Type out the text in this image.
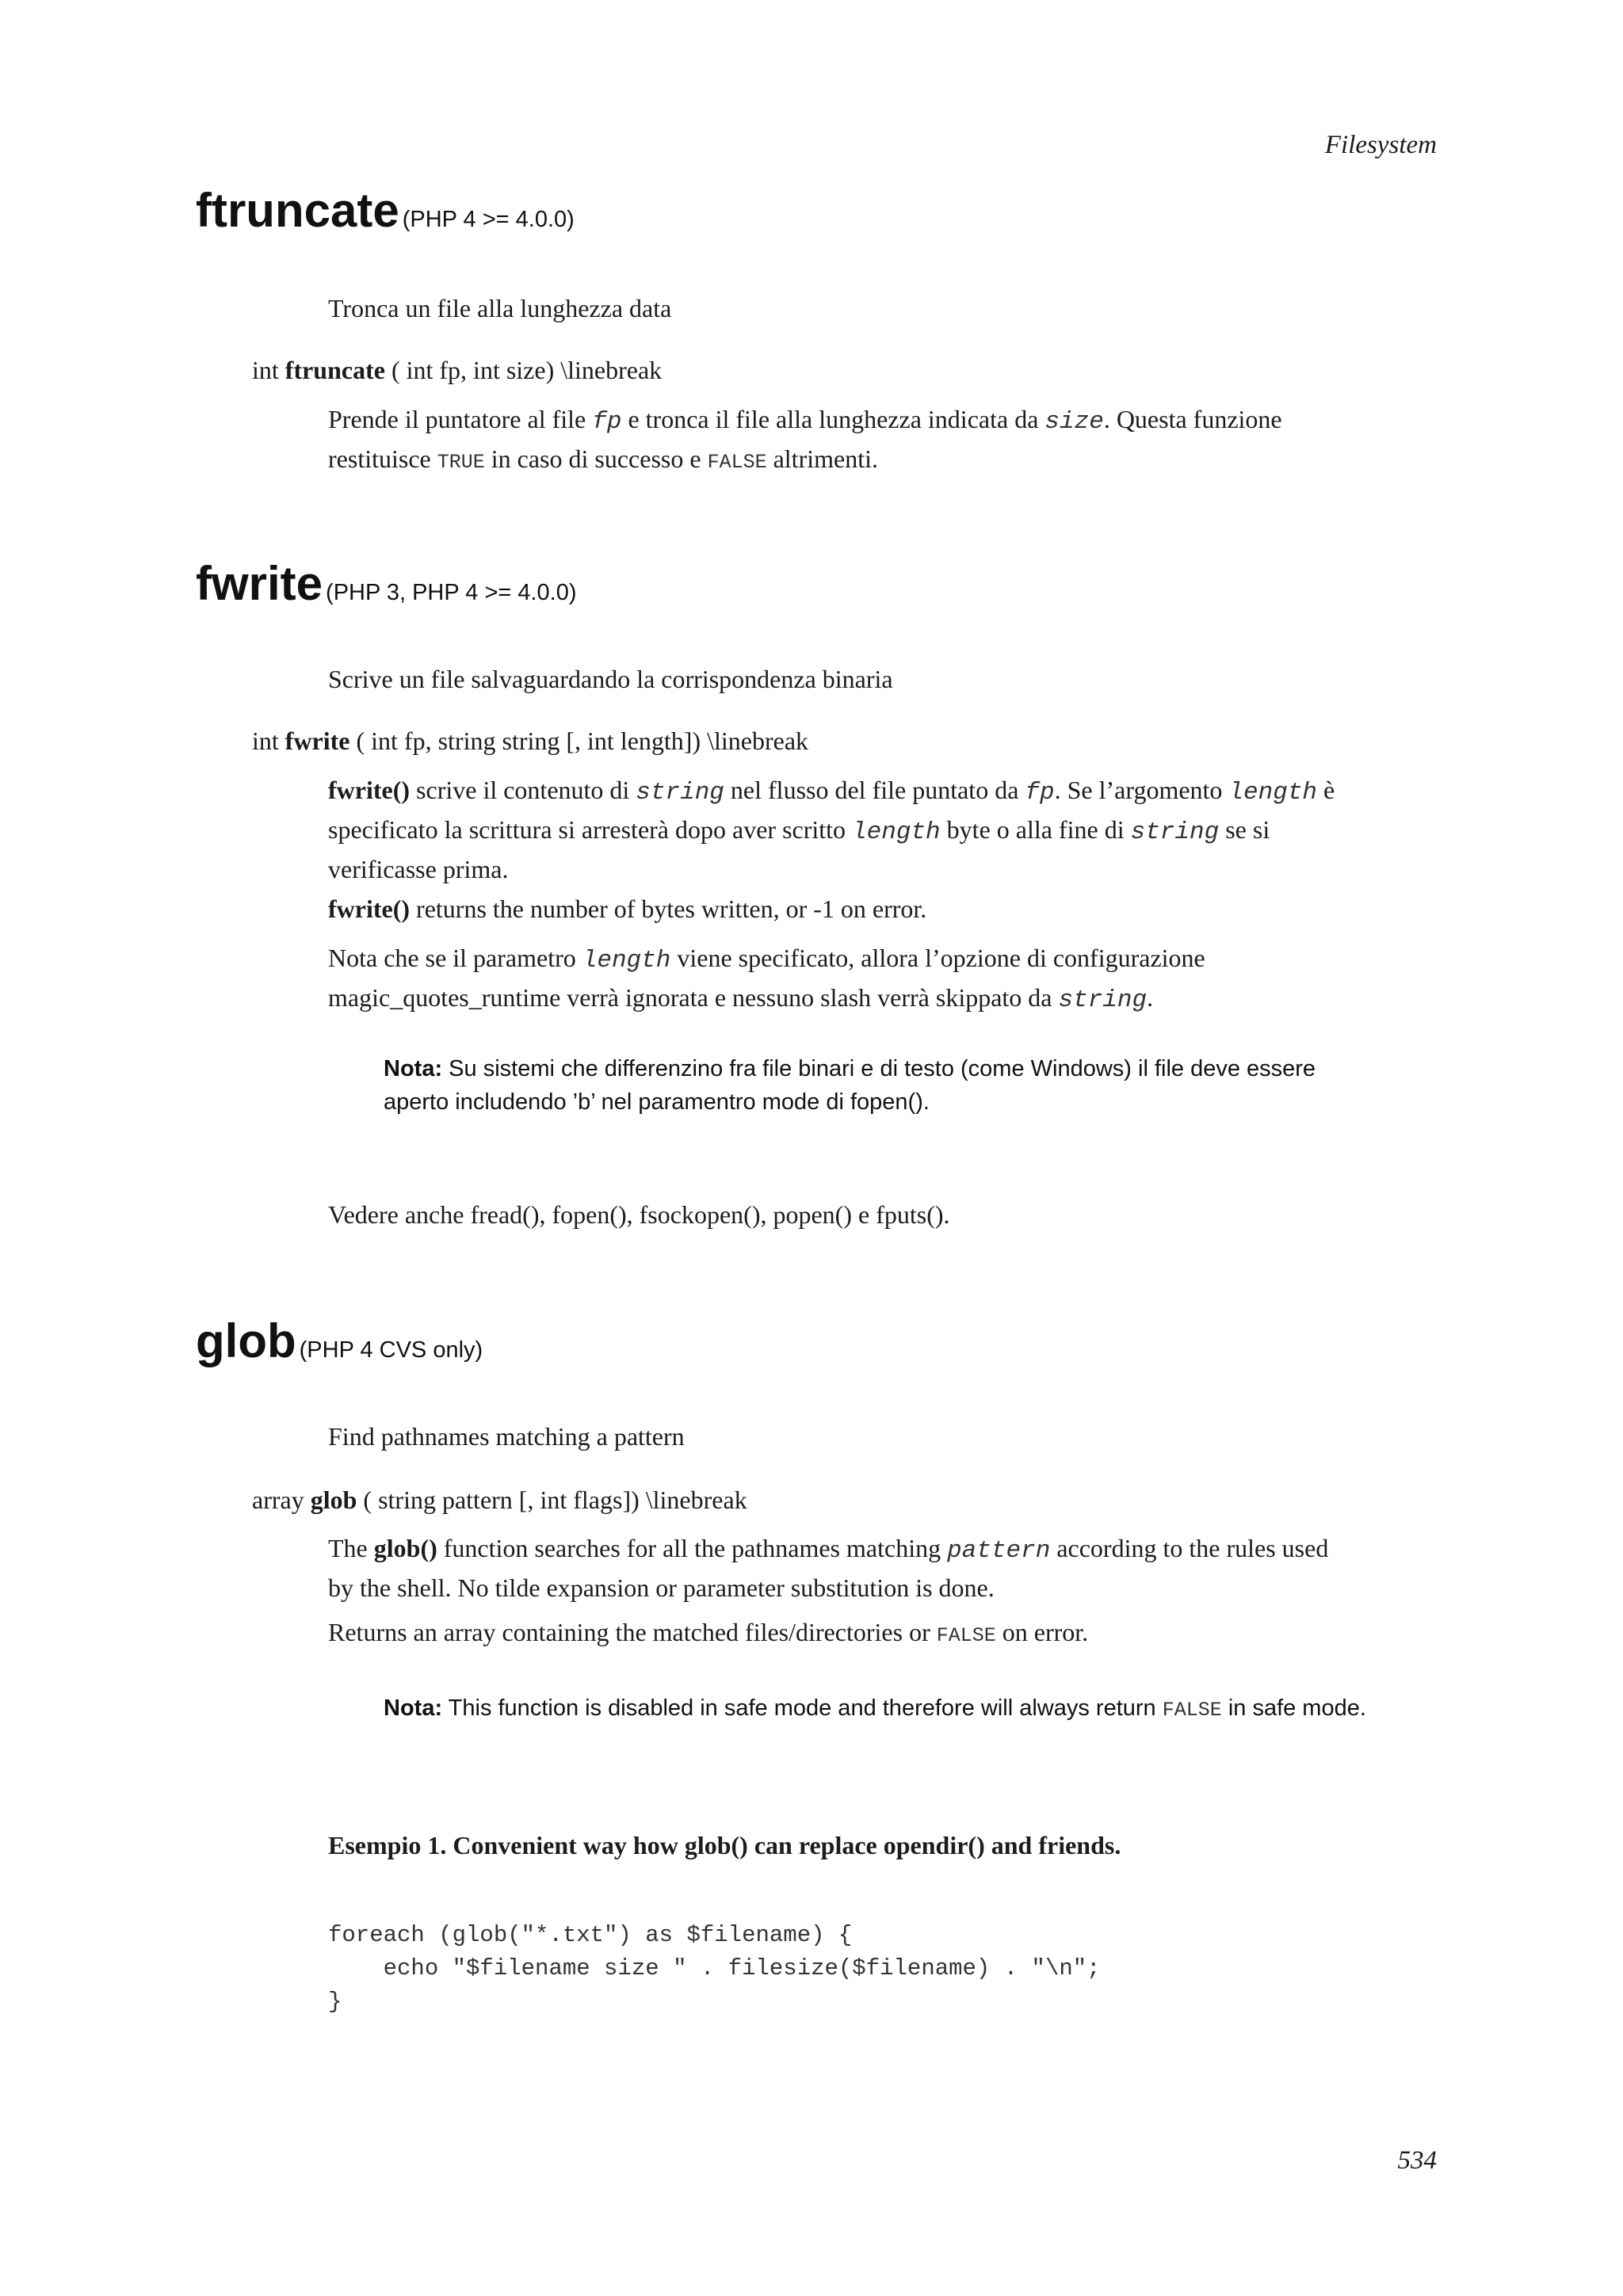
Filesystem
ftruncate (PHP 4 >= 4.0.0)

Tronca un file alla lunghezza data

int ftruncate ( int fp, int size) \linebreak

Prende il puntatore al file fp e tronca il file alla lunghezza indicata da size. Questa funzione

restituisce TRUE in caso di successo e FALSE altrimenti.

fwrite (PHP 3, PHP 4 >= 4.0.0)

Scrive un file salvaguardando la corrispondenza binaria

int fwrite ( int fp, string string [, int length]) \linebreak

fwrite() scrive il contenuto di string nel flusso del file puntato da fp. Se l’argomento length è

specificato la scrittura si arresterà dopo aver scritto length byte o alla fine di string se si

verificasse prima.

fwrite() returns the number of bytes written, or -1 on error.

Nota che se il parametro length viene specificato, allora l’opzione di configurazione

magic_quotes_runtime verrà ignorata e nessuno slash verrà skippato da string.

Nota: Su sistemi che differenzino fra file binari e di testo (come Windows) il file deve essere

aperto includendo ’b’ nel paramentro mode di fopen().

Vedere anche fread(), fopen(), fsockopen(), popen() e fputs().

glob (PHP 4 CVS only)

Find pathnames matching a pattern

array glob ( string pattern [, int flags]) \linebreak

The glob() function searches for all the pathnames matching pattern according to the rules used

by the shell. No tilde expansion or parameter substitution is done.

Returns an array containing the matched files/directories or FALSE on error.

Nota: This function is disabled in safe mode and therefore will always return FALSE in safe mode.

Esempio 1. Convenient way how glob() can replace opendir() and friends.

foreach (glob("*.txt") as $filename) {
echo "$filename size " . filesize($filename) . "\n";
}
534
